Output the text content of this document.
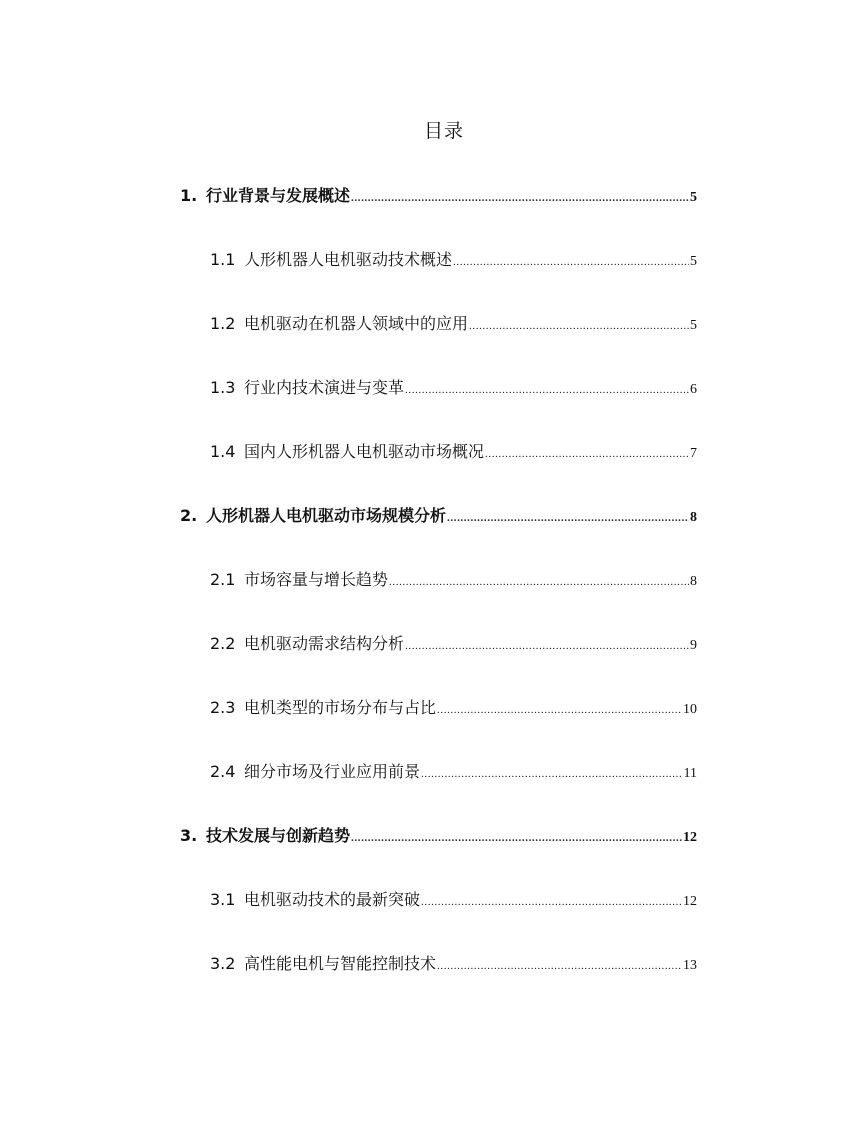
目录
1. 行业背景与发展概述 .....	5
1.1 人形机器人电机驱动技术概述 .....	5
1.2 电机驱动在机器人领域中的应用 .....	5
1.3 行业内技术演进与变革 .....	6
1.4 国内人形机器人电机驱动市场概况 .....	7
2. 人形机器人电机驱动市场规模分析 .....	8
2.1 市场容量与增长趋势 .....	8
2.2 电机驱动需求结构分析 .....	9
2.3 电机类型的市场分布与占比 .....	10
2.4 细分市场及行业应用前景 .....	11
3. 技术发展与创新趋势 .....	12
3.1 电机驱动技术的最新突破 .....	12
3.2 高性能电机与智能控制技术 .....	13
